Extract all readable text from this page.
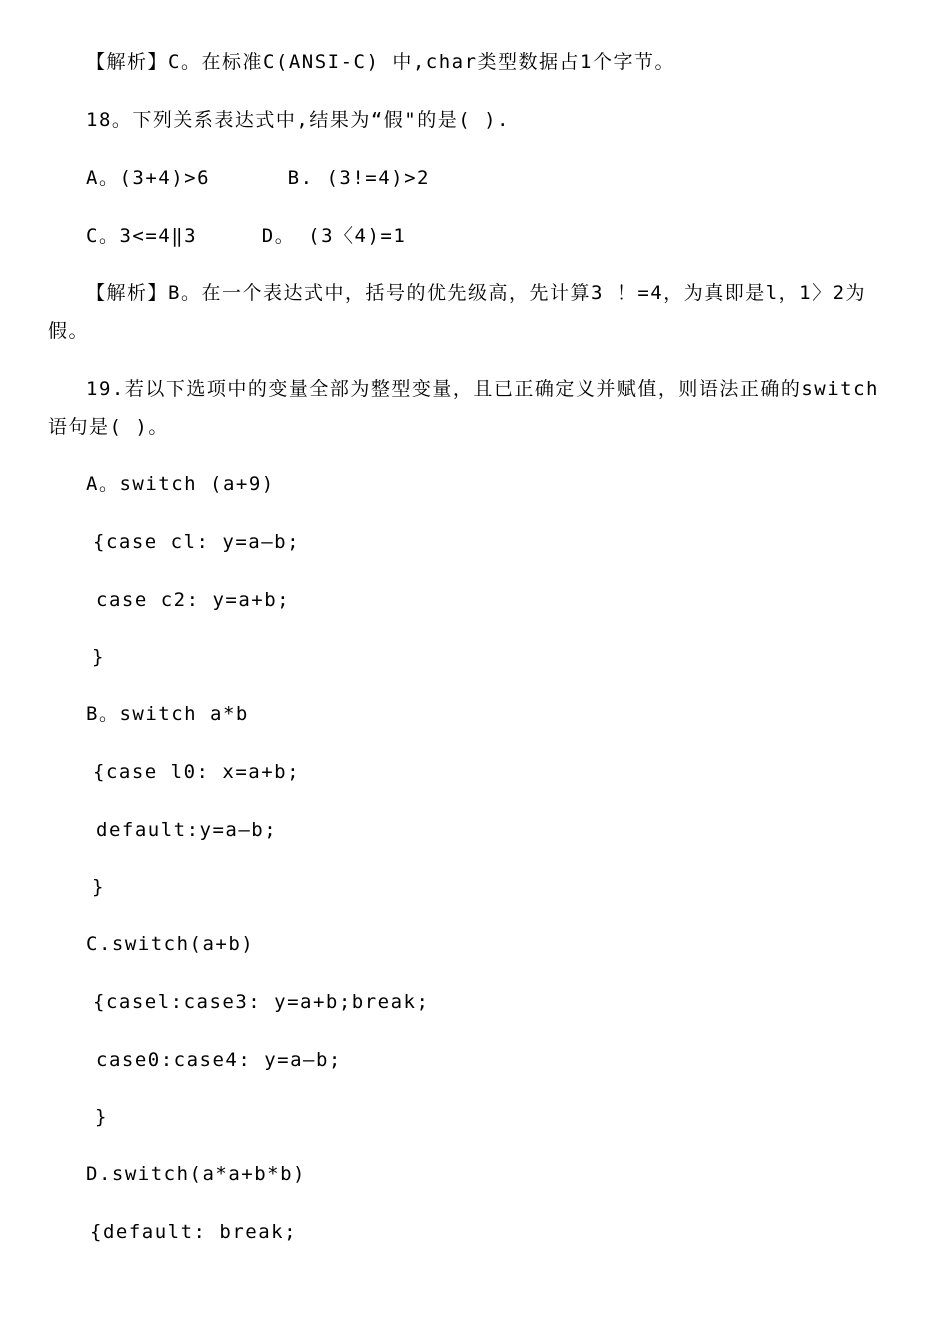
【解析】C。在标准C(ANSI-C) 中,char类型数据占1个字节。
18。下列关系表达式中,结果为“假"的是( ).
A。(3+4)>6      B. (3!=4)>2
C。3<=4‖3     D。 (3〈4)=1
【解析】B。在一个表达式中，括号的优先级高，先计算3 ！=4，为真即是l，1〉2为假。
19.若以下选项中的变量全部为整型变量，且已正确定义并赋值，则语法正确的switch语句是( )。
A。switch (a+9)
{case cl: y=a—b;
case c2: y=a+b;
}
B。switch a*b
{case l0: x=a+b;
default:y=a—b;
}
C.switch(a+b)
{casel:case3: y=a+b;break;
case0:case4: y=a—b;
}
D.switch(a*a+b*b)
{default: break;
